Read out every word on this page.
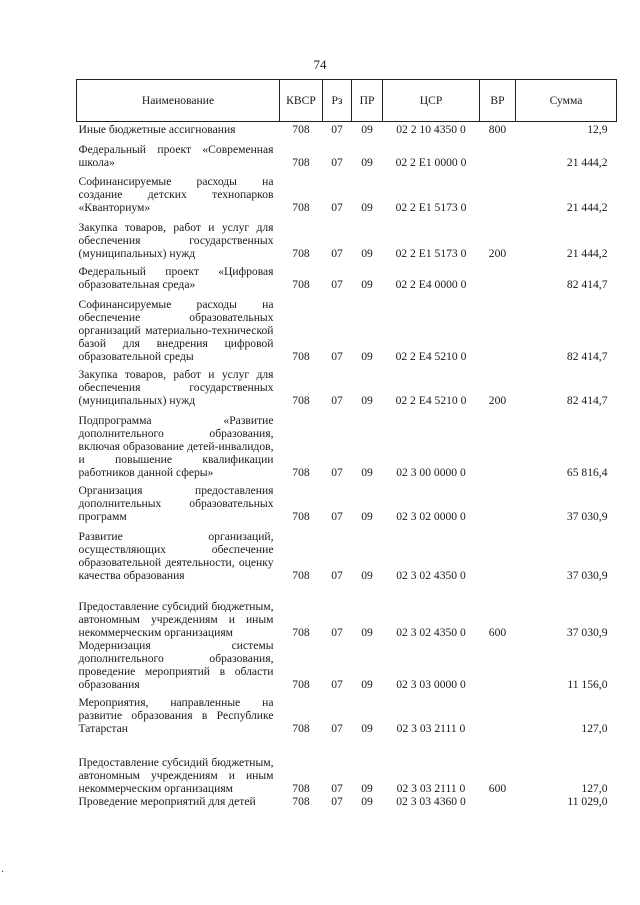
74
Наименование	КВСР	Рз	ПР	ЦСР	ВР	Сумма
Иные бюджетные ассигнования	708	07	09	02 2 10 4350 0	800	12,9
Федеральный проект «Современная школа»	708	07	09	02 2 E1 0000 0		21 444,2
Софинансируемые расходы на создание детских технопарков «Кванториум»	708	07	09	02 2 E1 5173 0		21 444,2
Закупка товаров, работ и услуг для обеспечения государственных (муниципальных) нужд	708	07	09	02 2 E1 5173 0	200	21 444,2
Федеральный проект «Цифровая образовательная среда»	708	07	09	02 2 E4 0000 0		82 414,7
Софинансируемые расходы на обеспечение образовательных организаций материально-технической базой для внедрения цифровой образовательной среды	708	07	09	02 2 E4 5210 0		82 414,7
Закупка товаров, работ и услуг для обеспечения государственных (муниципальных) нужд	708	07	09	02 2 E4 5210 0	200	82 414,7
Подпрограмма «Развитие дополнительного образования, включая образование детей-инвалидов, и повышение квалификации работников данной сферы»	708	07	09	02 3 00 0000 0		65 816,4
Организация предоставления дополнительных образовательных программ	708	07	09	02 3 02 0000 0		37 030,9
Развитие организаций, осуществляющих обеспечение образовательной деятельности, оценку качества образования	708	07	09	02 3 02 4350 0		37 030,9
Предоставление субсидий бюджетным, автономным учреждениям и иным некоммерческим организациям	708	07	09	02 3 02 4350 0	600	37 030,9
Модернизация системы дополнительного образования, проведение мероприятий в области образования	708	07	09	02 3 03 0000 0		11 156,0
Мероприятия, направленные на развитие образования в Республике Татарстан	708	07	09	02 3 03 2111 0		127,0
Предоставление субсидий бюджетным, автономным учреждениям и иным некоммерческим организациям	708	07	09	02 3 03 2111 0	600	127,0
Проведение мероприятий для детей	708	07	09	02 3 03 4360 0		11 029,0
·
